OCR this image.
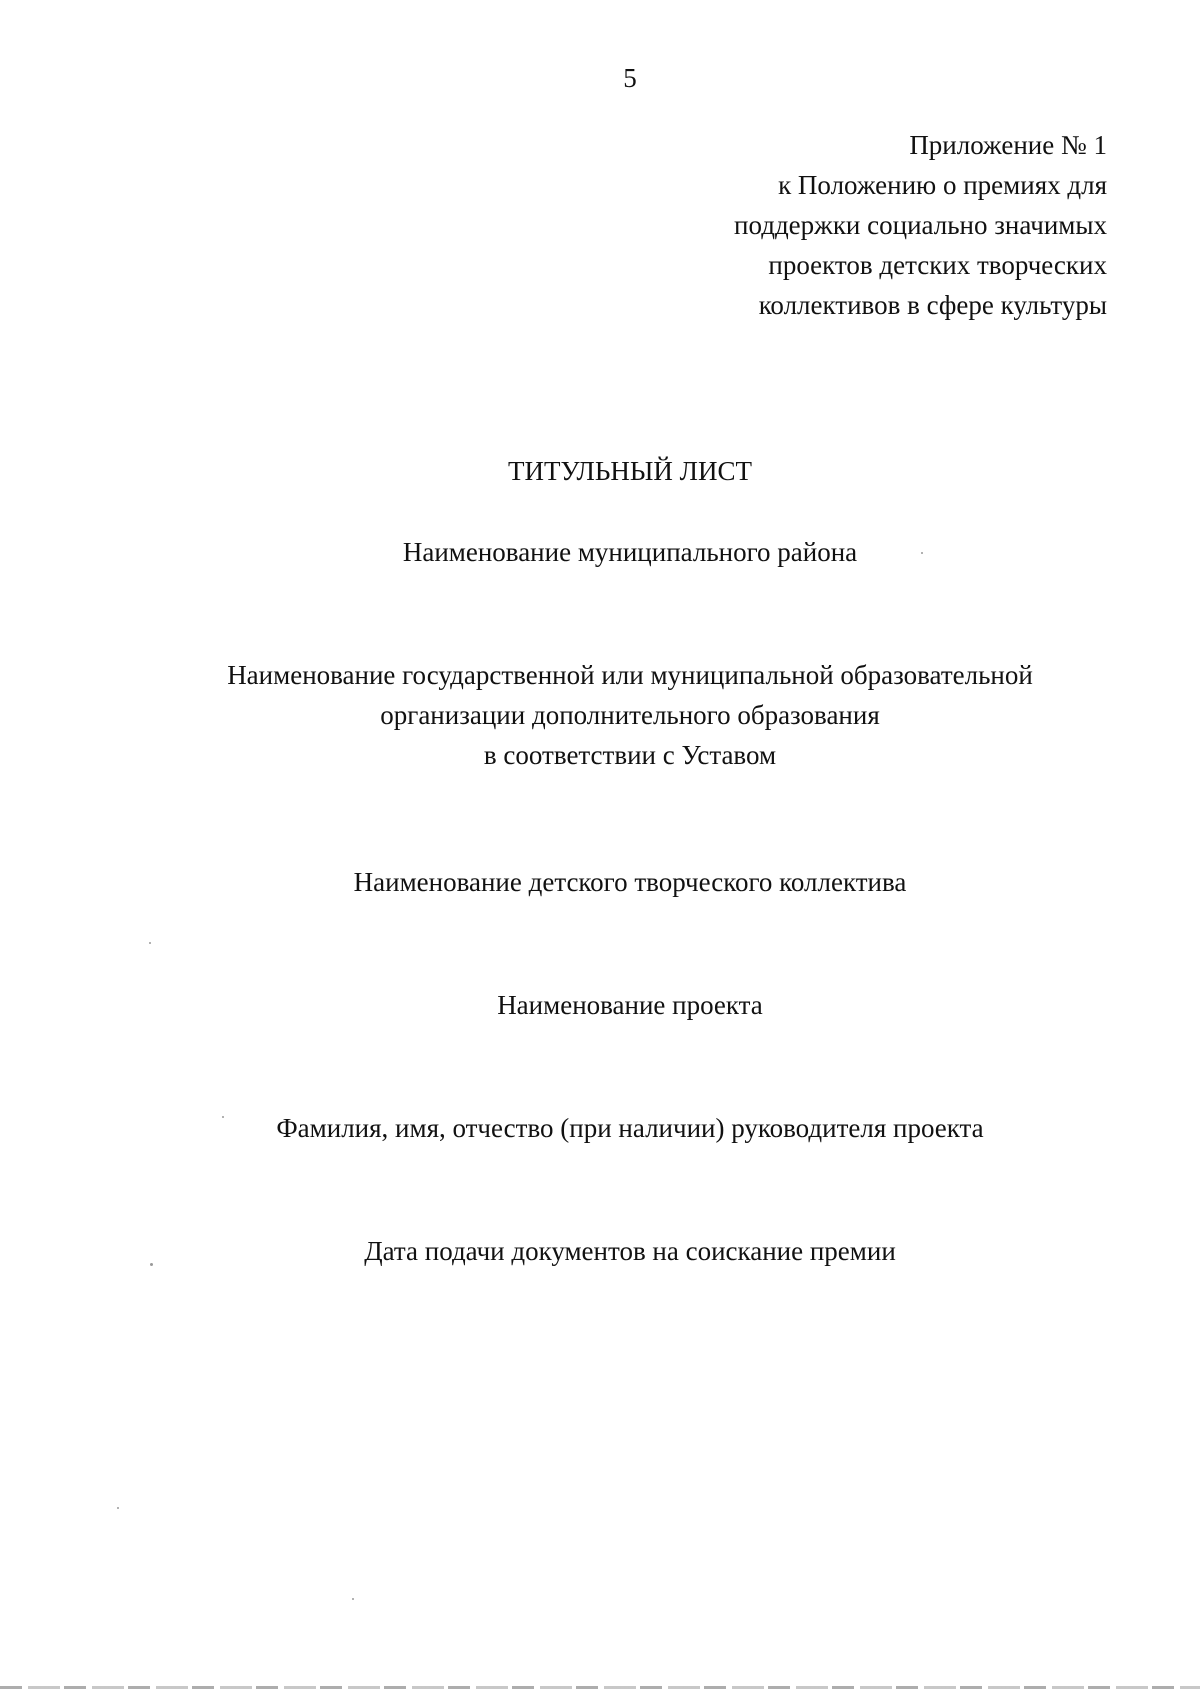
5
Приложение № 1
к Положению о премиях для
поддержки социально значимых
проектов детских творческих
коллективов в сфере культуры
ТИТУЛЬНЫЙ ЛИСТ
Наименование муниципального района
Наименование государственной или муниципальной образовательной
организации дополнительного образования
в соответствии с Уставом
Наименование детского творческого коллектива
Наименование проекта
Фамилия, имя, отчество (при наличии) руководителя проекта
Дата подачи документов на соискание премии
